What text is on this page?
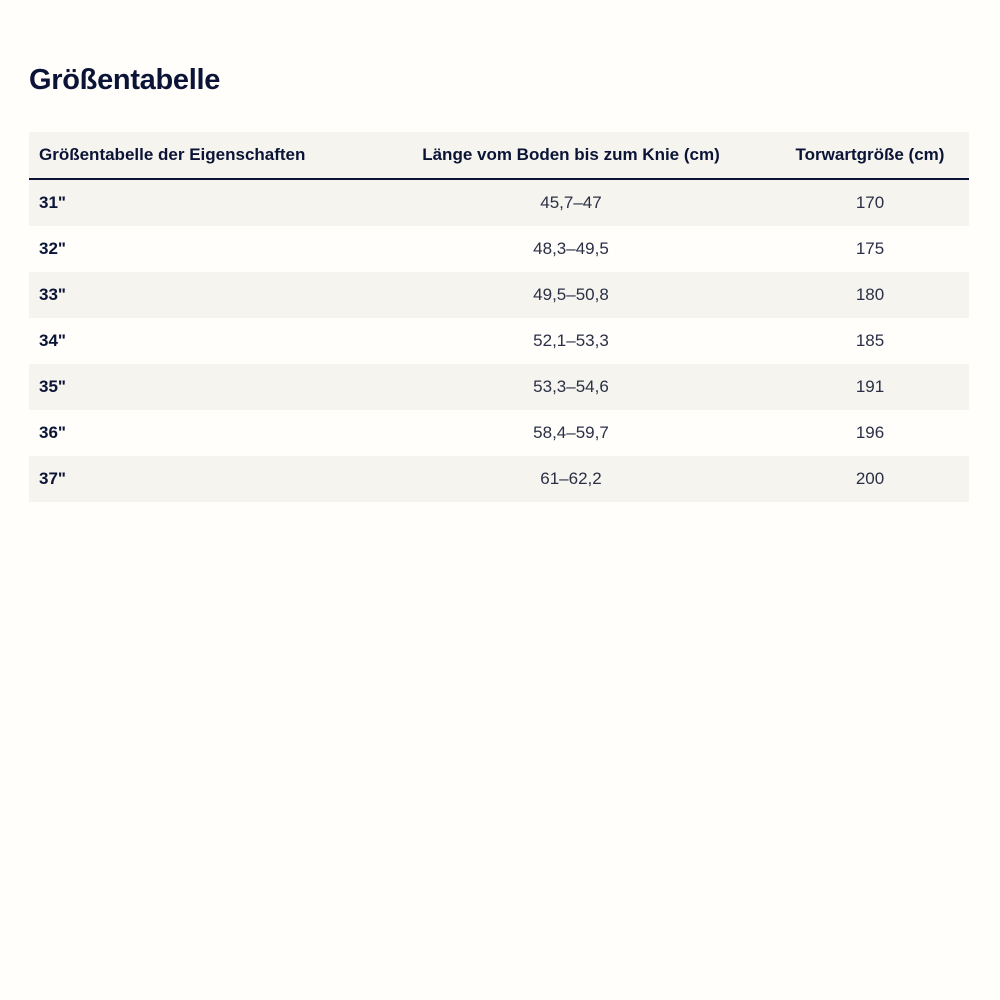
Größentabelle
Größentabelle der Eigenschaften	Länge vom Boden bis zum Knie (cm)	Torwartgröße (cm)
31"	45,7–47	170
32"	48,3–49,5	175
33"	49,5–50,8	180
34"	52,1–53,3	185
35"	53,3–54,6	191
36"	58,4–59,7	196
37"	61–62,2	200
